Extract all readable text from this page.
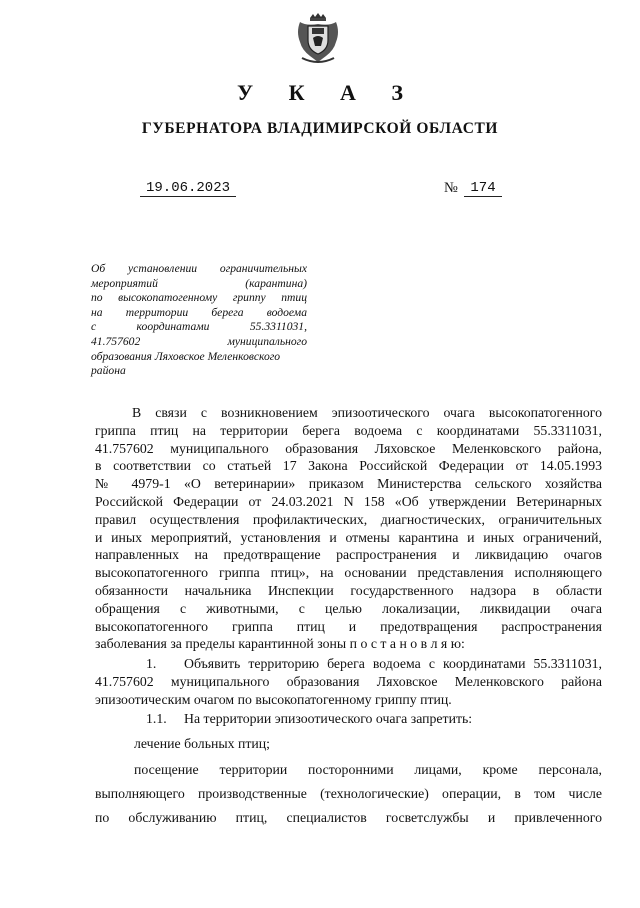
У К А З
ГУБЕРНАТОРА ВЛАДИМИРСКОЙ ОБЛАСТИ
19.06.2023	№ 174
Об установлении ограничительных
мероприятий (карантина)
по высокопатогенному гриппу птиц
на территории берега водоема
с координатами 55.3311031,
41.757602 муниципального
образования Ляховское Меленковского
района
В связи с возникновением эпизоотического очага высокопатогенного
гриппа птиц на территории берега водоема с координатами 55.3311031,
41.757602 муниципального образования Ляховское Меленковского района,
в соответствии со статьей 17 Закона Российской Федерации от 14.05.1993
№ 4979-1 «О ветеринарии» приказом Министерства сельского хозяйства
Российской Федерации от 24.03.2021 N 158 «Об утверждении Ветеринарных
правил осуществления профилактических, диагностических, ограничительных
и иных мероприятий, установления и отмены карантина и иных ограничений,
направленных на предотвращение распространения и ликвидацию очагов
высокопатогенного гриппа птиц», на основании представления исполняющего
обязанности начальника Инспекции государственного надзора в области
обращения с животными, с целью локализации, ликвидации очага
высокопатогенного гриппа птиц и предотвращения распространения
заболевания за пределы карантинной зоны п о с т а н о в л я ю:
1. Объявить территорию берега водоема с координатами 55.3311031,
41.757602 муниципального образования Ляховское Меленковского района
эпизоотическим очагом по высокопатогенному гриппу птиц.
1.1. На территории эпизоотического очага запретить:
лечение больных птиц;
посещение территории посторонними лицами, кроме персонала,
выполняющего производственные (технологические) операции, в том числе
по обслуживанию птиц, специалистов госветслужбы и привлеченного
